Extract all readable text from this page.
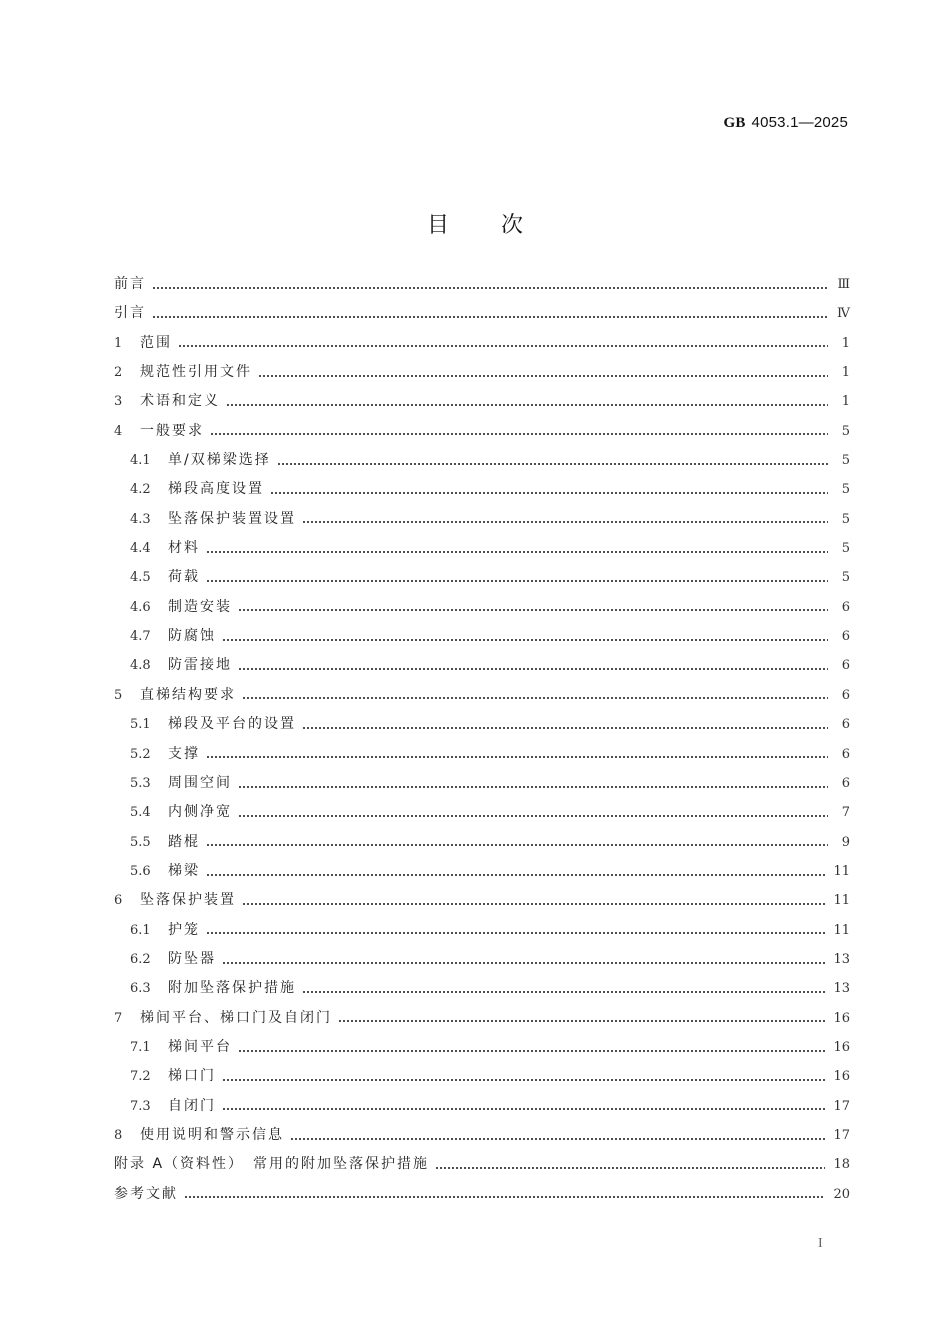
GB 4053.1—2025
目 次
前言	Ⅲ
引言	Ⅳ
1	范围	1
2	规范性引用文件	1
3	术语和定义	1
4	一般要求	5
4.1	单/双梯梁选择	5
4.2	梯段高度设置	5
4.3	坠落保护装置设置	5
4.4	材料	5
4.5	荷载	5
4.6	制造安装	6
4.7	防腐蚀	6
4.8	防雷接地	6
5	直梯结构要求	6
5.1	梯段及平台的设置	6
5.2	支撑	6
5.3	周围空间	6
5.4	内侧净宽	7
5.5	踏棍	9
5.6	梯梁	11
6	坠落保护装置	11
6.1	护笼	11
6.2	防坠器	13
6.3	附加坠落保护措施	13
7	梯间平台、梯口门及自闭门	16
7.1	梯间平台	16
7.2	梯口门	16
7.3	自闭门	17
8	使用说明和警示信息	17
附录 A（资料性）　常用的附加坠落保护措施	18
参考文献	20
I
